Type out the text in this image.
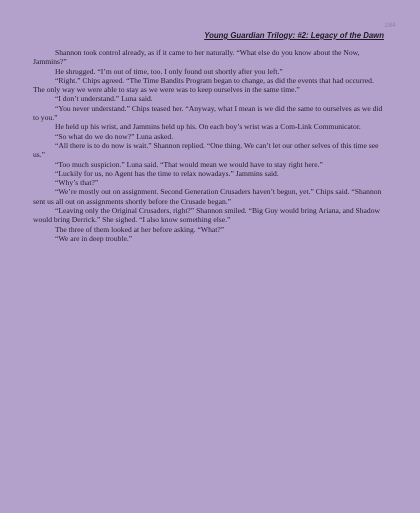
284
Young Guardian Trilogy: #2: Legacy of the Dawn

Shannon took control already, as if it came to her naturally. “What else do you know about the Now, Jammins?”

He shrugged. “I’m out of time, too. I only found out shortly after you left.”

“Right.” Chips agreed. “The Time Bandits Program began to change, as did the events that had occurred. The only way we were able to stay as we were was to keep ourselves in the same time.”

“I don’t understand.” Luna said.

“You never understand.” Chips teased her. “Anyway, what I mean is we did the same to ourselves as we did to you.”

He held up his wrist, and Jammins held up his. On each boy’s wrist was a Com-Link Communicator.

“So what do we do now?” Luna asked.

“All there is to do now is wait.” Shannon replied. “One thing. We can’t let our other selves of this time see us.”

“Too much suspicion.” Luna said. “That would mean we would have to stay right here.”

“Luckily for us, no Agent has the time to relax nowadays.” Jammins said.

“Why’s that?”

“We’re mostly out on assignment. Second Generation Crusaders haven’t begun, yet.” Chips said. “Shannon sent us all out on assignments shortly before the Crusade began.”

“Leaving only the Original Crusaders, right?” Shannon smiled. “Big Guy would bring Ariana, and Shadow would bring Derrick.” She sighed. “I also know something else.”

The three of them looked at her before asking. “What?”

“We are in deep trouble.”
